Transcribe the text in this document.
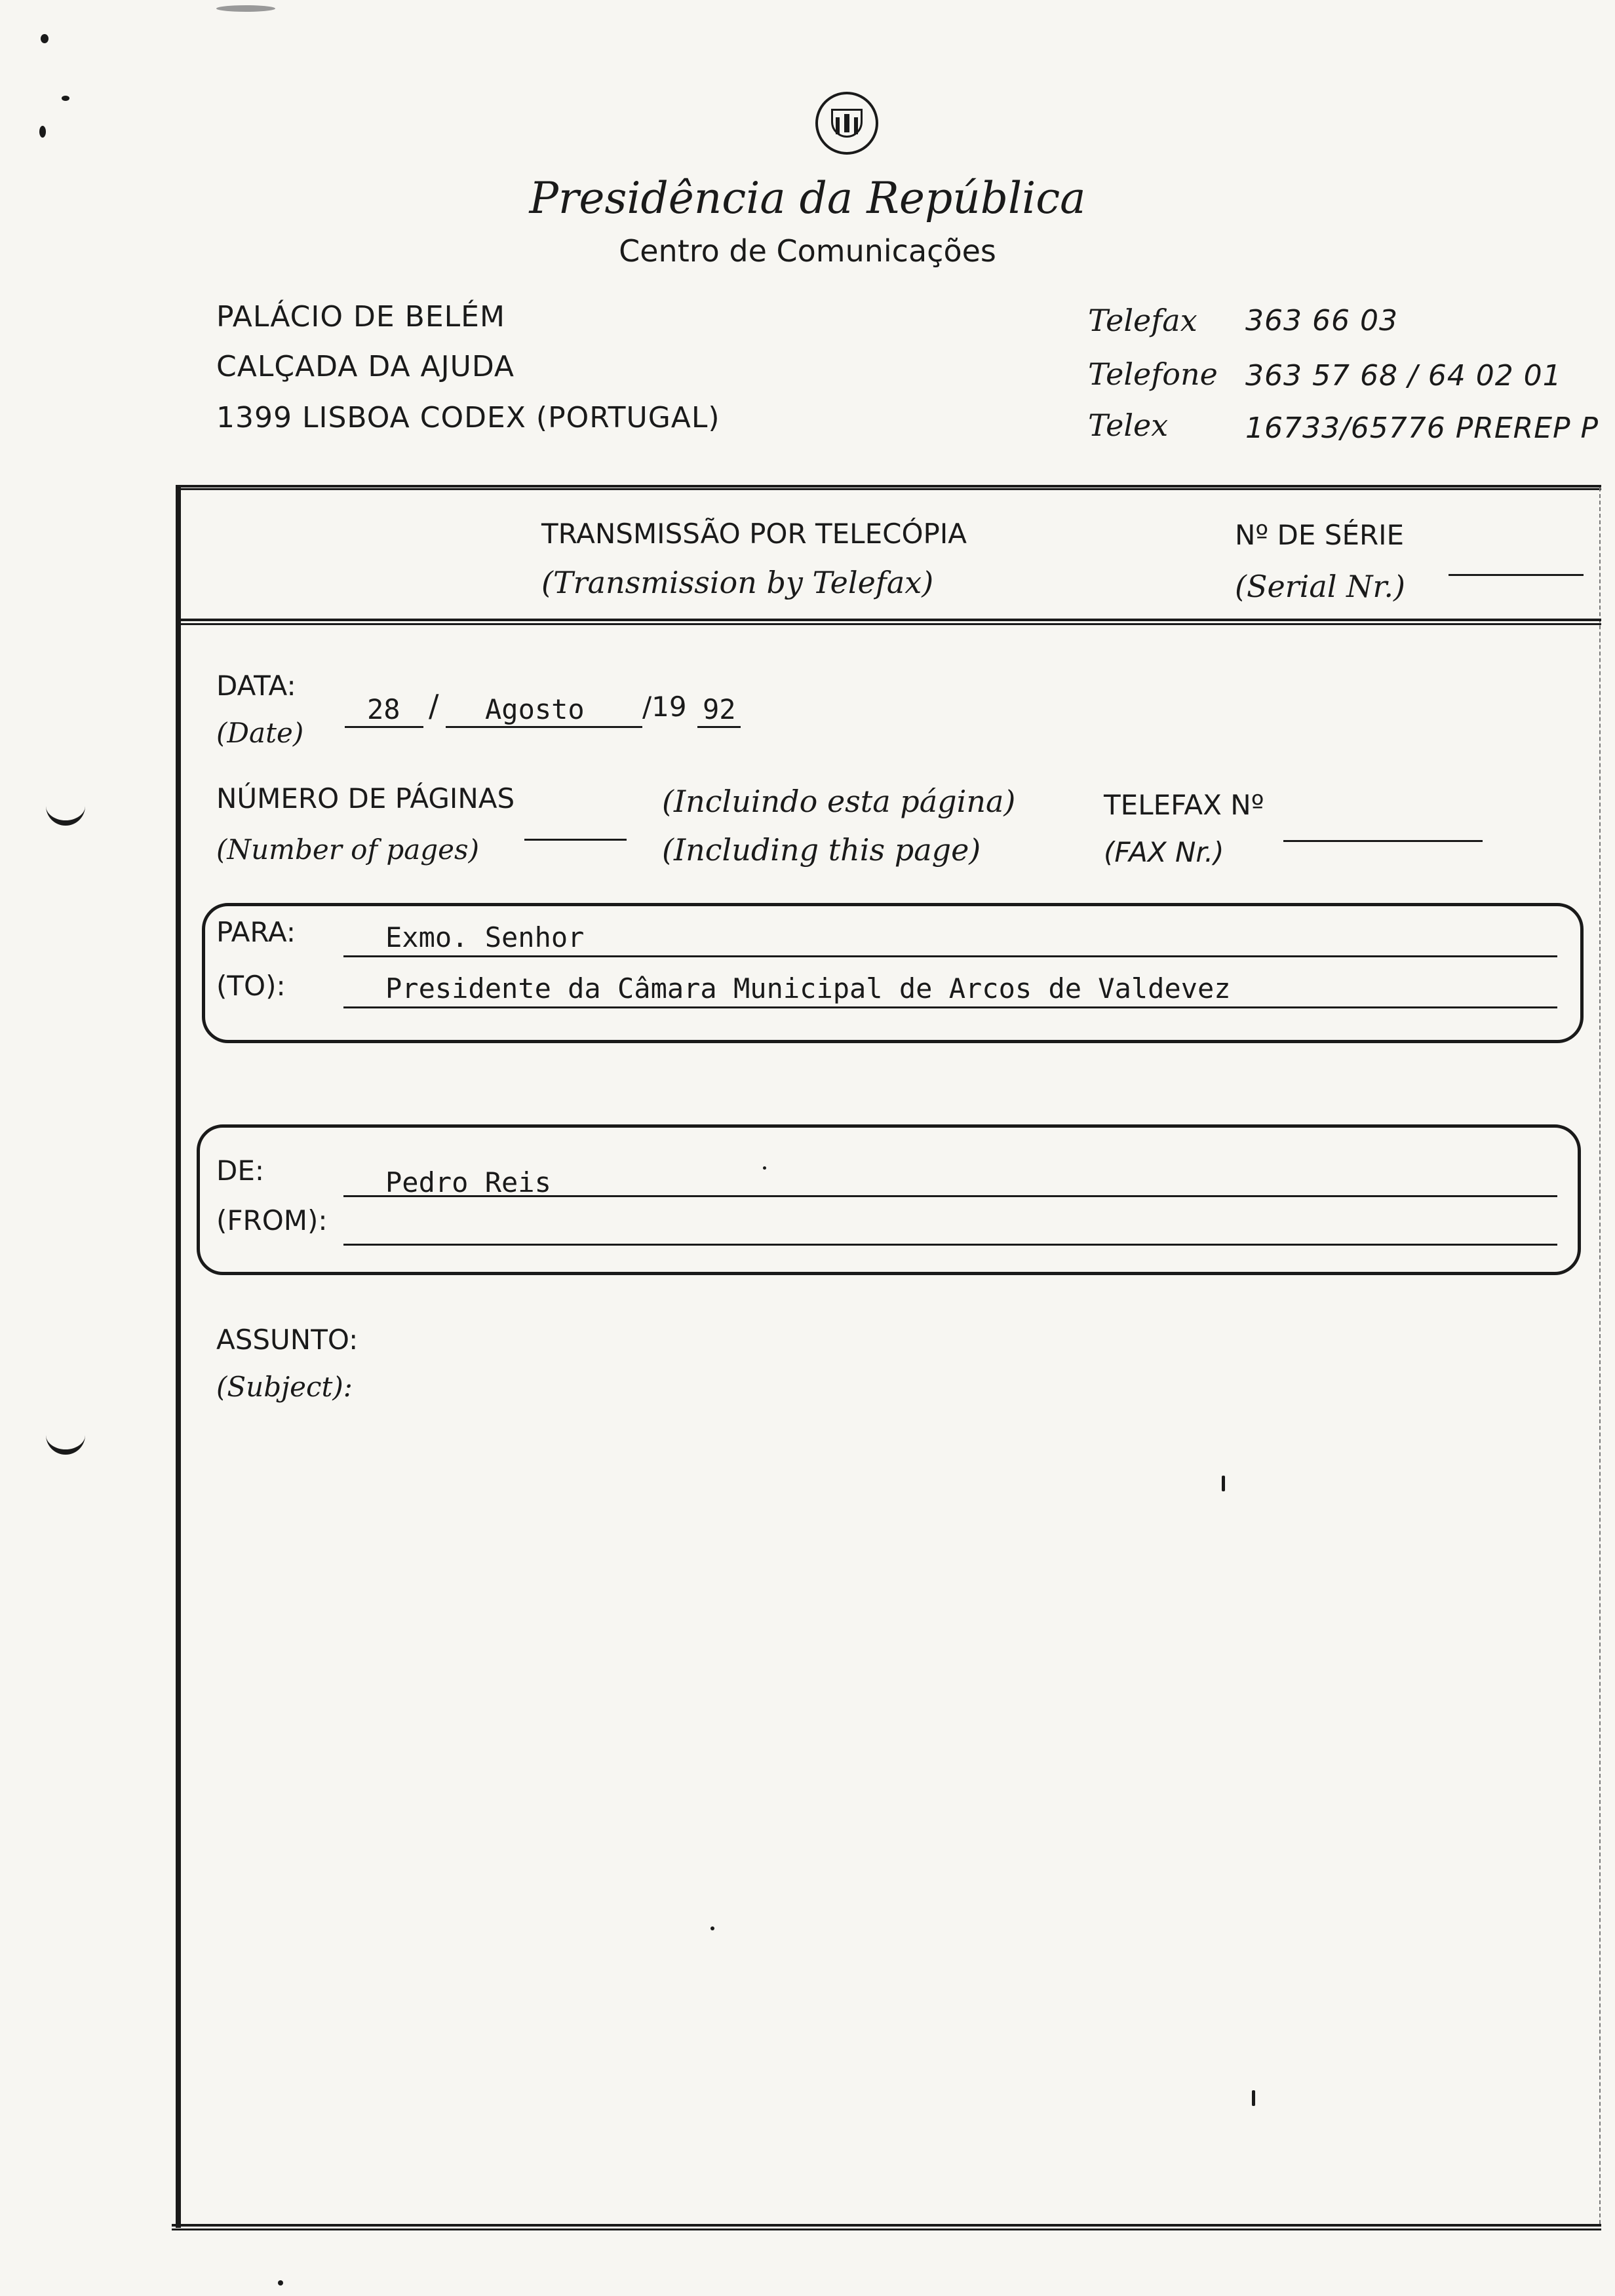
Presidência da República
Centro de Comunicações
PALÁCIO DE BELÉM
CALÇADA DA AJUDA
1399 LISBOA CODEX (PORTUGAL)
Telefax 363 66 03
Telefone 363 57 68 / 64 02 01
Telex	16733/65776 PREREP P
TRANSMISSÃO POR TELECÓPIA
(Transmission by Telefax)
Nº DE SÉRIE
(Serial Nr.)
DATA:
(Date)
28 / Agosto /19 92
NÚMERO DE PÁGINAS
(Number of pages)
(Incluindo esta página)
(Including this page)
TELEFAX Nº
(FAX Nr.)
PARA:
(TO):
Exmo. Senhor
Presidente da Câmara Municipal de Arcos de Valdevez
DE:
(FROM):
Pedro Reis
ASSUNTO:
(Subject):
